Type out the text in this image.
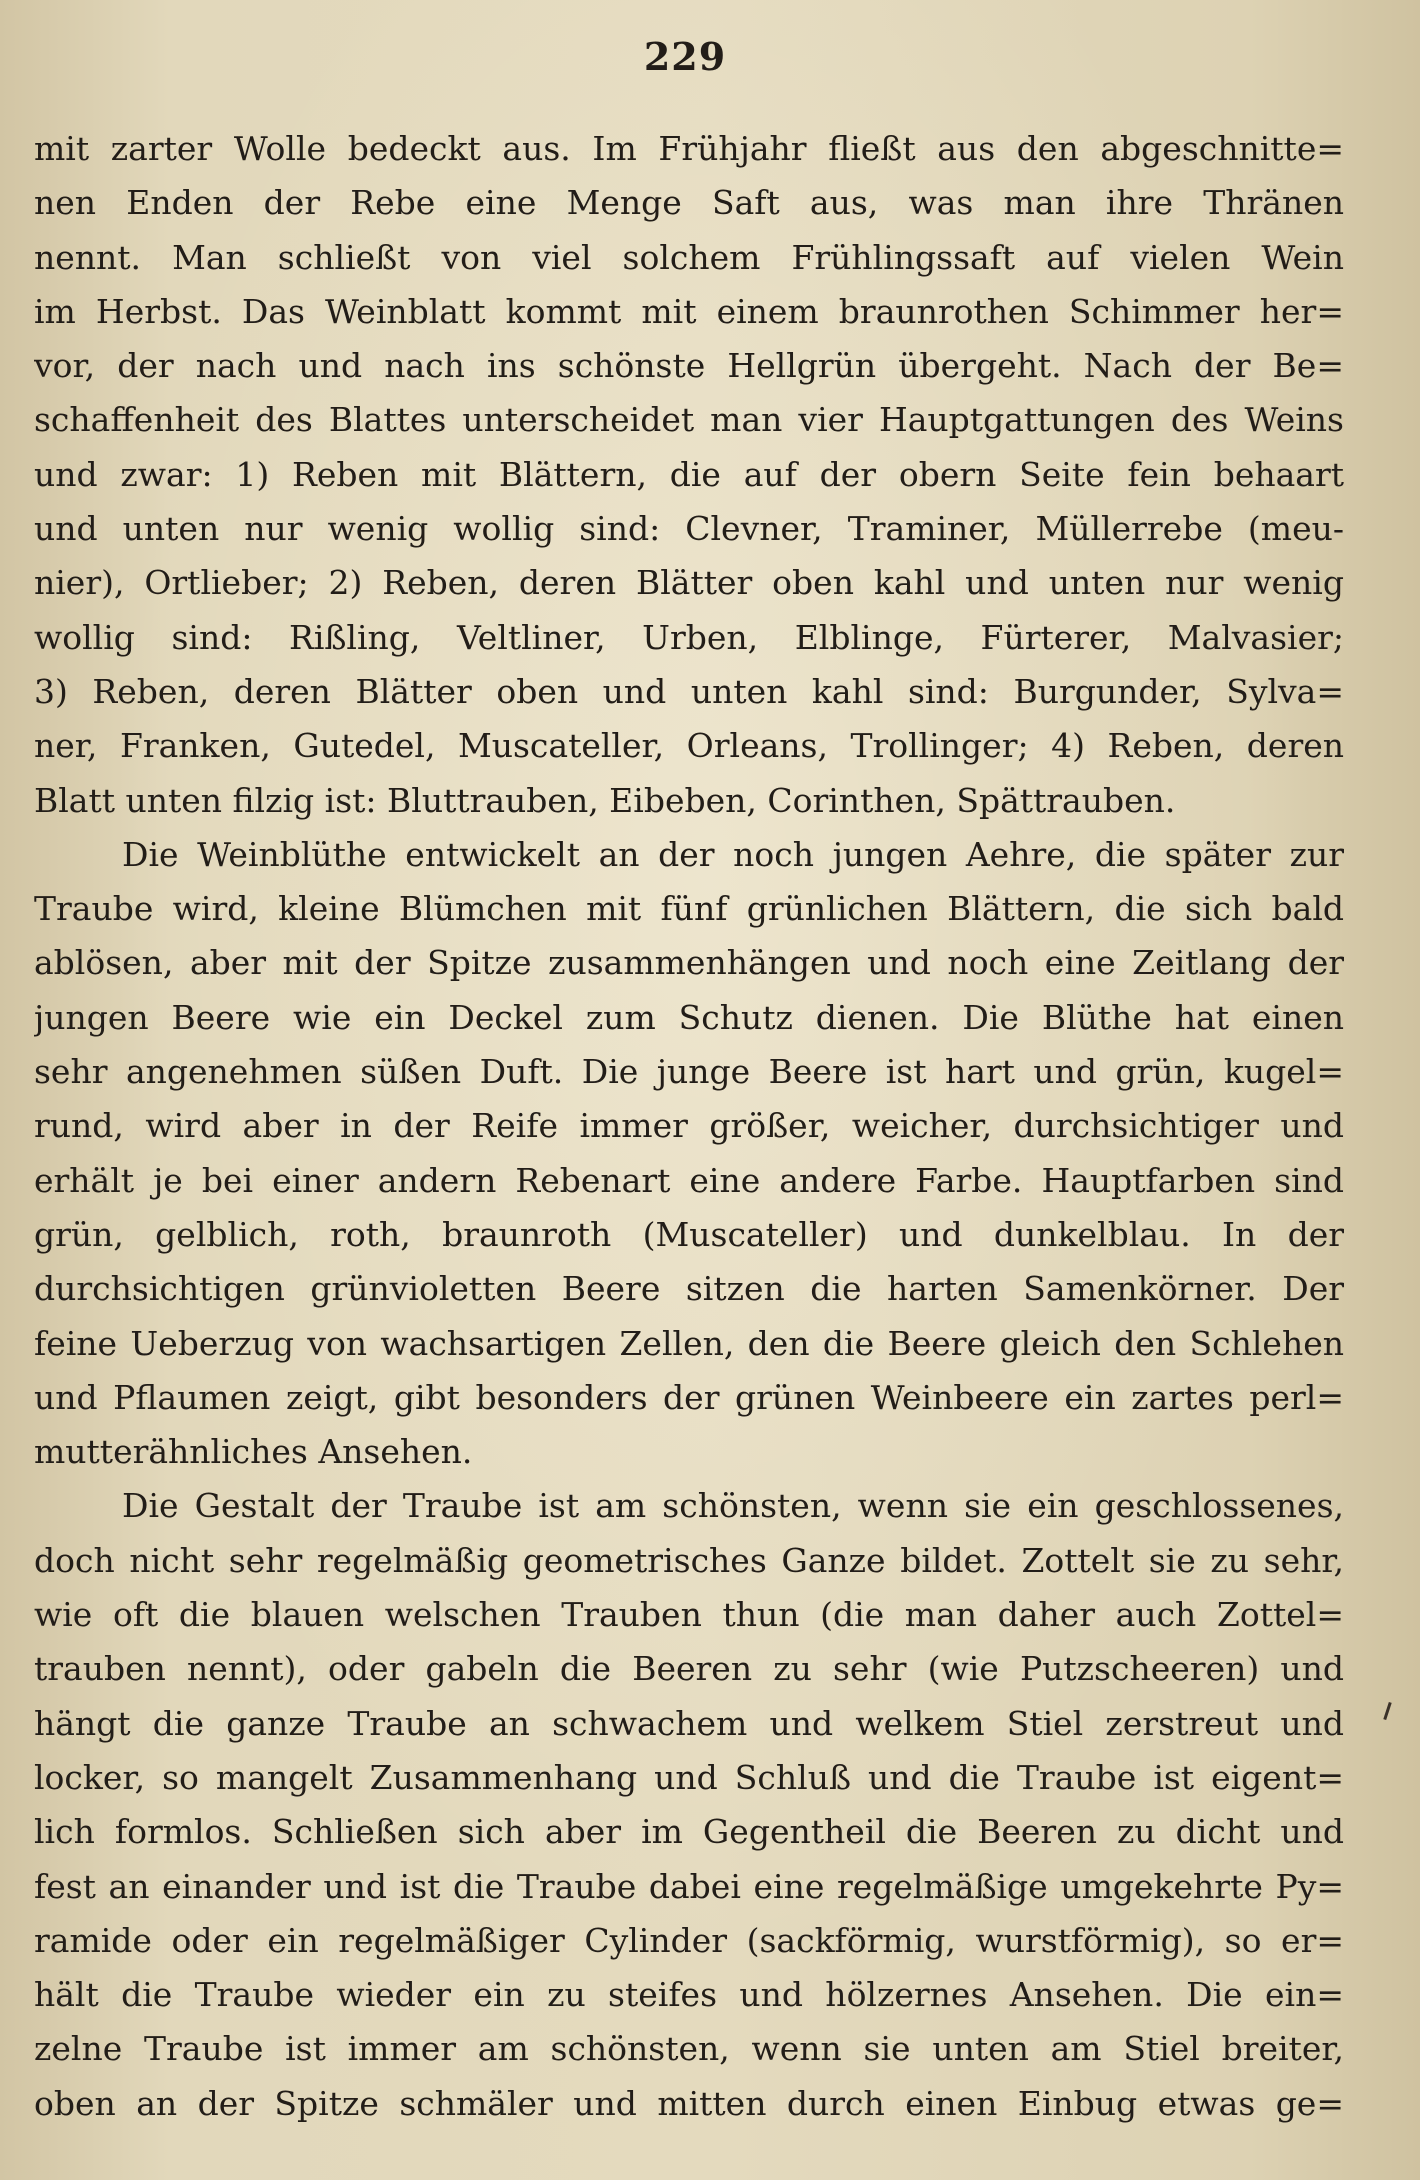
229
mit zarter Wolle bedeckt aus. Im Frühjahr fließt aus den abgeschnitte=
nen Enden der Rebe eine Menge Saft aus, was man ihre Thränen
nennt. Man schließt von viel solchem Frühlingssaft auf vielen Wein
im Herbst. Das Weinblatt kommt mit einem braunrothen Schimmer her=
vor, der nach und nach ins schönste Hellgrün übergeht. Nach der Be=
schaffenheit des Blattes unterscheidet man vier Hauptgattungen des Weins
und zwar: 1) Reben mit Blättern, die auf der obern Seite fein behaart
und unten nur wenig wollig sind: Clevner, Traminer, Müllerrebe (meu-
nier), Ortlieber; 2) Reben, deren Blätter oben kahl und unten nur wenig
wollig sind: Rißling, Veltliner, Urben, Elblinge, Fürterer, Malvasier;
3) Reben, deren Blätter oben und unten kahl sind: Burgunder, Sylva=
ner, Franken, Gutedel, Muscateller, Orleans, Trollinger; 4) Reben, deren
Blatt unten filzig ist: Bluttrauben, Eibeben, Corinthen, Spättrauben.
Die Weinblüthe entwickelt an der noch jungen Aehre, die später zur
Traube wird, kleine Blümchen mit fünf grünlichen Blättern, die sich bald
ablösen, aber mit der Spitze zusammenhängen und noch eine Zeitlang der
jungen Beere wie ein Deckel zum Schutz dienen. Die Blüthe hat einen
sehr angenehmen süßen Duft. Die junge Beere ist hart und grün, kugel=
rund, wird aber in der Reife immer größer, weicher, durchsichtiger und
erhält je bei einer andern Rebenart eine andere Farbe. Hauptfarben sind
grün, gelblich, roth, braunroth (Muscateller) und dunkelblau. In der
durchsichtigen grünvioletten Beere sitzen die harten Samenkörner. Der
feine Ueberzug von wachsartigen Zellen, den die Beere gleich den Schlehen
und Pflaumen zeigt, gibt besonders der grünen Weinbeere ein zartes perl=
mutterähnliches Ansehen.
Die Gestalt der Traube ist am schönsten, wenn sie ein geschlossenes,
doch nicht sehr regelmäßig geometrisches Ganze bildet. Zottelt sie zu sehr,
wie oft die blauen welschen Trauben thun (die man daher auch Zottel=
trauben nennt), oder gabeln die Beeren zu sehr (wie Putzscheeren) und
hängt die ganze Traube an schwachem und welkem Stiel zerstreut und
locker, so mangelt Zusammenhang und Schluß und die Traube ist eigent=
lich formlos. Schließen sich aber im Gegentheil die Beeren zu dicht und
fest an einander und ist die Traube dabei eine regelmäßige umgekehrte Py=
ramide oder ein regelmäßiger Cylinder (sackförmig, wurstförmig), so er=
hält die Traube wieder ein zu steifes und hölzernes Ansehen. Die ein=
zelne Traube ist immer am schönsten, wenn sie unten am Stiel breiter,
oben an der Spitze schmäler und mitten durch einen Einbug etwas ge=
